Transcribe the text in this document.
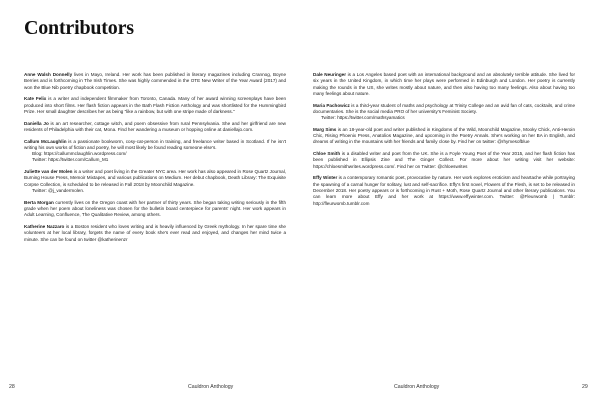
Contributors
Anne Walsh Donnelly lives in Mayo, Ireland. Her work has been published in literary magazines including Crannog, Boyne Berries and is forthcoming in The Irish Times. She was highly commended in the OTE New Writer of the Year Award (2017) and won the Blue Nib poetry chapbook competition.
Kate Felix is a writer and independent filmmaker from Toronto, Canada. Many of her award winning screenplays have been produced into short films. Her flash fiction appears in the Bath Flash Fiction Anthology and was shortlisted for the Hummingbird Prize. Her small daughter describes her as being "like a rainbow, but with one stripe made of darkness."
Daniella Jo is an art researcher, cottage witch, and poem obsessive from rural Pennsylvania. She and her girlfriend are new residents of Philadelphia with their cat, Mona. Find her wandering a museum or hopping online at daniellajo.com.
Callum McLaughlin is a passionate bookworm, cosy-cat-person in training, and freelance writer based in Scotland. If he isn't writing his own works of fiction and poetry, he will most likely be found reading someone else's.
Blog: https://callummclaughlin.wordpress.com/
Twitter: https://twitter.com/Callum_M1
Juliette van der Molen is a writer and poet living in the Greater NYC area. Her work has also appeared in Rose Quartz Journal, Burning House Press, Memoir Mixtapes, and various publications on Medium. Her debut chapbook, Death Library: The Exquisite Corpse Collection, is scheduled to be released in Fall 2018 by Moonchild Magazine.
Twitter: @j_vandermolen.
Berta Morgan currently lives on the Oregon coast with her partner of thirty years. She began taking writing seriously in the fifth grade when her poem about loneliness was chosen for the bulletin board centerpiece for parents' night. Her work appears in Adult Learning, Confluence, The Qualitative Review, among others.
Katherine Nazzaro is a Boston resident who loves writing and is heavily influenced by Greek mythology. In her spare time she volunteers at her local library, forgets the name of every book she's ever read and enjoyed, and changes her mind twice a minute. She can be found on twitter @katherinenzr
Dale Neuringer is a Los Angeles based poet with an international background and an absolutely terrible attitude. She lived for six years in the United Kingdom, in which time her plays were performed in Edinburgh and London. Her poetry is currently making the rounds in the US, she writes mostly about nature, and then also having too many feelings. Also about having too many feelings about nature.
Maria Pachowicz is a third-year student of maths and psychology at Trinity College and an avid fan of cats, cocktails, and crime documentaries. She is the social media PRO of her university's Feminist Society.
Twitter: https://twitter.com/mathsyamatics
Marg Sims is an 18-year-old poet and writer published in Kingdoms of the Wild, Moonchild Magazine, Mooky Chick, Anti-Heroin Chic, Rising Phoenix Press, Anatolios Magazine, and upcoming in the Poetry Annals. She's working on her BA in English, and dreams of writing in the mountains with her friends and family close by. Find her on twitter: @rhymesofblue
Chloe Smith is a disabled writer and poet from the UK. She is a Foyle Young Poet of the Year 2015, and her flash fiction has been published in Ellipsis Zine and The Ginger Collect. For more about her writing visit her website: https://chloesmithwrites.wordpress.com/. Find her on Twitter: @chloeswrites
Effy Winter is a contemporary romantic poet, provocative by nature. Her work explores eroticism and heartache while portraying the spawning of a carnal hunger for solitary, lust and self-sacrifice. Effy's first novel, Flowers of the Flesh, is set to be released in December 2018. Her poetry appears or is forthcoming in Rust + Moth, Rose Quartz Journal and other literary publications. You can learn more about Effy and her work at https://www.effywinter.com. Twitter: @Fleurwomb | Tumblr: http://fleurwomb.tumblr.com
28	Cauldron Anthology	Cauldron Anthology	29
